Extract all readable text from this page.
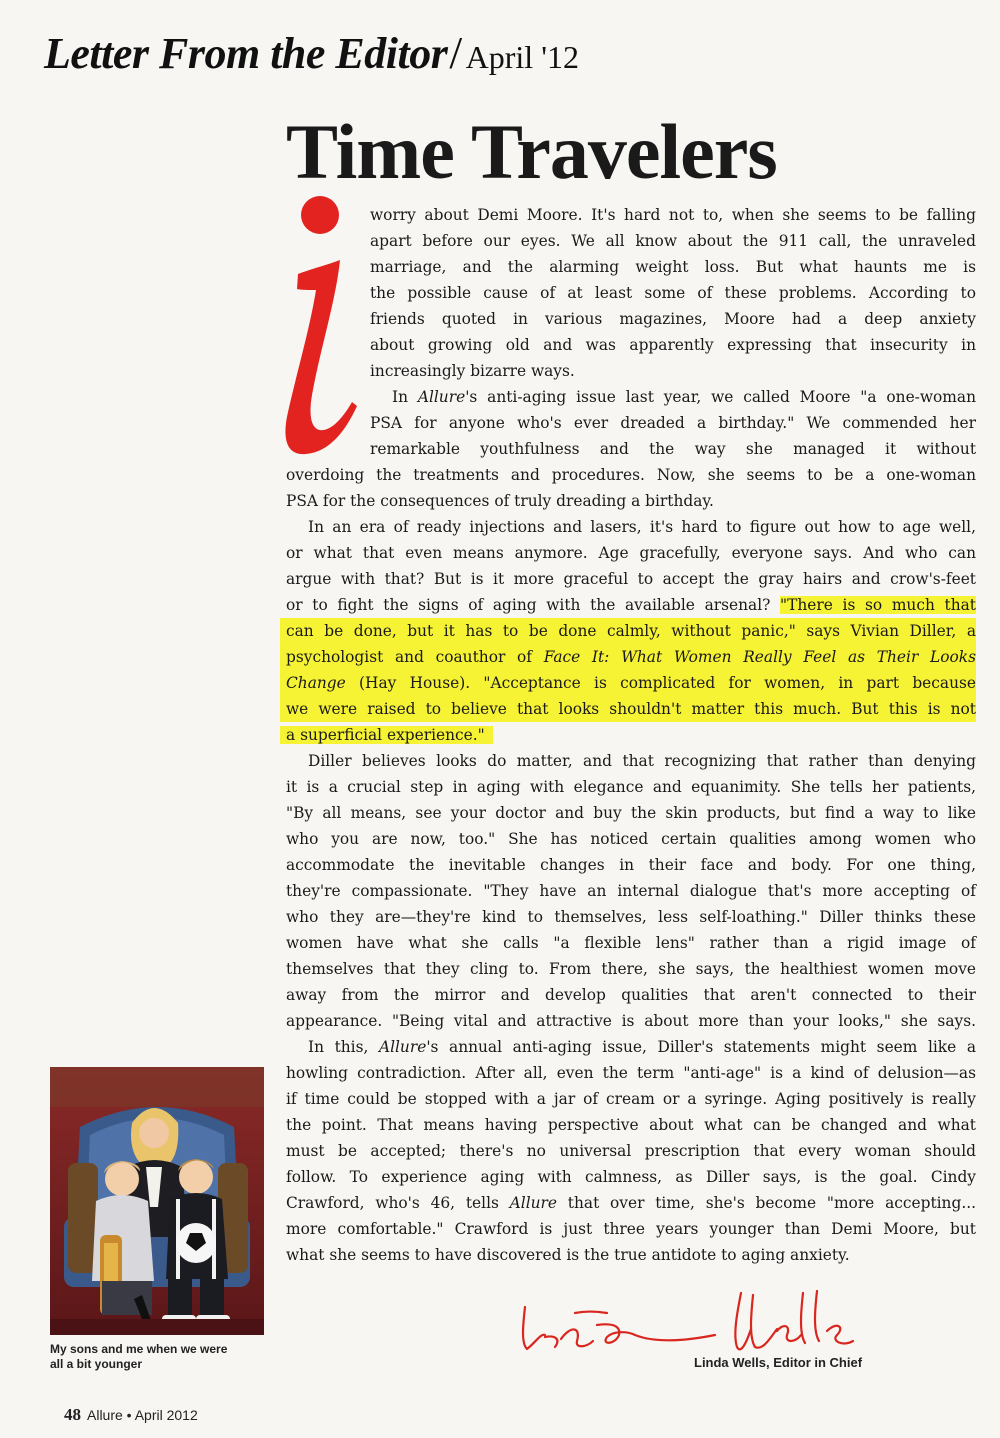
Letter From the Editor/ April '12
Time Travelers
worry about Demi Moore. It's hard not to, when she seems to be falling
apart before our eyes. We all know about the 911 call, the unraveled
marriage, and the alarming weight loss. But what haunts me is
the possible cause of at least some of these problems. According to
friends quoted in various magazines, Moore had a deep anxiety
about growing old and was apparently expressing that insecurity in
increasingly bizarre ways.
In Allure's anti-aging issue last year, we called Moore "a one-woman
PSA for anyone who's ever dreaded a birthday." We commended her
remarkable youthfulness and the way she managed it without
overdoing the treatments and procedures. Now, she seems to be a one-woman
PSA for the consequences of truly dreading a birthday.
In an era of ready injections and lasers, it's hard to figure out how to age well,
or what that even means anymore. Age gracefully, everyone says. And who can
argue with that? But is it more graceful to accept the gray hairs and crow's-feet
or to fight the signs of aging with the available arsenal? "There is so much that
can be done, but it has to be done calmly, without panic," says Vivian Diller, a
psychologist and coauthor of Face It: What Women Really Feel as Their Looks
Change (Hay House). "Acceptance is complicated for women, in part because
we were raised to believe that looks shouldn't matter this much. But this is not
a superficial experience."
Diller believes looks do matter, and that recognizing that rather than denying
it is a crucial step in aging with elegance and equanimity. She tells her patients,
"By all means, see your doctor and buy the skin products, but find a way to like
who you are now, too." She has noticed certain qualities among women who
accommodate the inevitable changes in their face and body. For one thing,
they're compassionate. "They have an internal dialogue that's more accepting of
who they are—they're kind to themselves, less self-loathing." Diller thinks these
women have what she calls "a flexible lens" rather than a rigid image of
themselves that they cling to. From there, she says, the healthiest women move
away from the mirror and develop qualities that aren't connected to their
appearance. "Being vital and attractive is about more than your looks," she says.
In this, Allure's annual anti-aging issue, Diller's statements might seem like a
howling contradiction. After all, even the term "anti-age" is a kind of delusion—as
if time could be stopped with a jar of cream or a syringe. Aging positively is really
the point. That means having perspective about what can be changed and what
must be accepted; there's no universal prescription that every woman should
follow. To experience aging with calmness, as Diller says, is the goal. Cindy
Crawford, who's 46, tells Allure that over time, she's become "more accepting...
more comfortable." Crawford is just three years younger than Demi Moore, but
what she seems to have discovered is the true antidote to aging anxiety.

My sons and me when we were
all a bit younger	Linda Wells, Editor in Chief

48 Allure • April 2012
